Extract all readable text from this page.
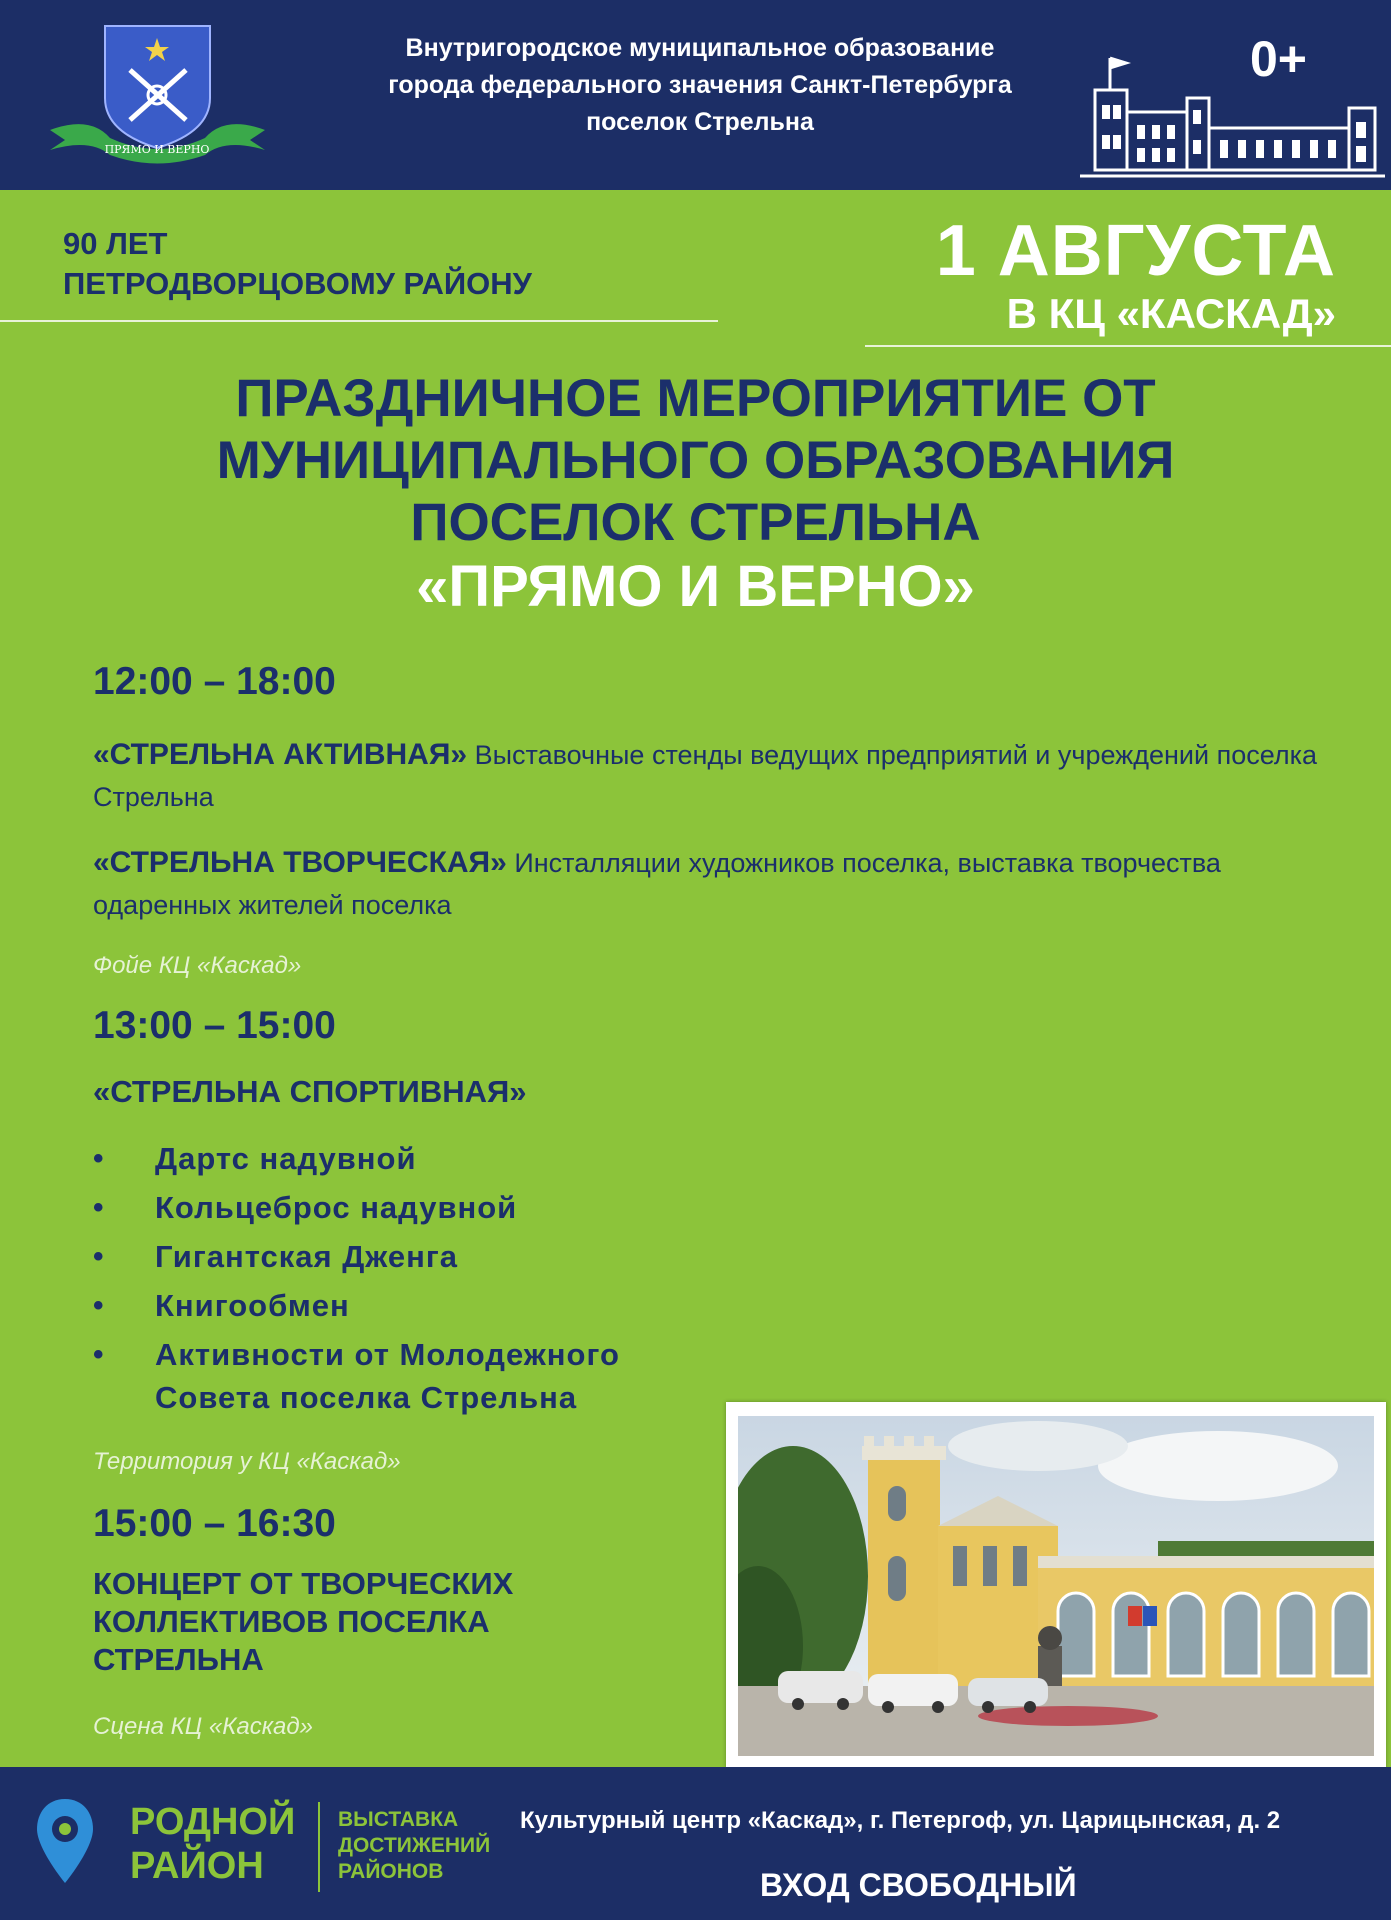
ПРЯМО И ВЕРНО
Внутригородское муниципальное образование
города федерального значения Санкт-Петербурга
поселок Стрельна
0+
90 ЛЕТ
ПЕТРОДВОРЦОВОМУ РАЙОНУ	1 АВГУСТА
В КЦ «КАСКАД»
ПРАЗДНИЧНОЕ МЕРОПРИЯТИЕ ОТ
МУНИЦИПАЛЬНОГО ОБРАЗОВАНИЯ
ПОСЕЛОК СТРЕЛЬНА
«ПРЯМО И ВЕРНО»
12:00 – 18:00
«СТРЕЛЬНА АКТИВНАЯ» Выставочные стенды ведущих предприятий и учреждений поселка Стрельна
«СТРЕЛЬНА ТВОРЧЕСКАЯ» Инсталляции художников поселка, выставка творчества одаренных жителей поселка
Фойе КЦ «Каскад»
13:00 – 15:00
«СТРЕЛЬНА СПОРТИВНАЯ»
• Дартс надувной
• Кольцеброс надувной
• Гигантская Дженга
• Книгообмен
• Активности от Молодежного
Совета поселка Стрельна
Территория у КЦ «Каскад»
15:00 – 16:30
КОНЦЕРТ ОТ ТВОРЧЕСКИХ
КОЛЛЕКТИВОВ ПОСЕЛКА
СТРЕЛЬНА
Сцена КЦ «Каскад»
РОДНОЙ
РАЙОН
ВЫСТАВКА
ДОСТИЖЕНИЙ
РАЙОНОВ
Культурный центр «Каскад», г. Петергоф, ул. Царицынская, д. 2
ВХОД СВОБОДНЫЙ
